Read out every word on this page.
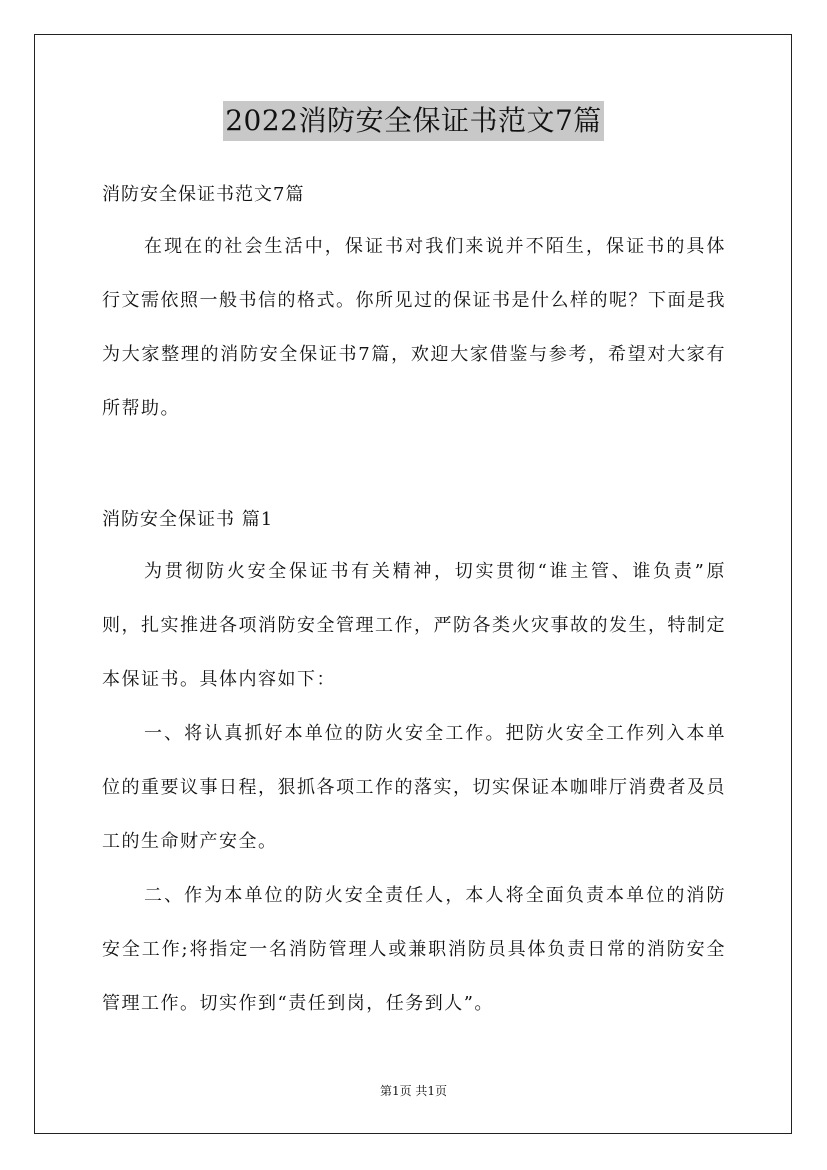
2022消防安全保证书范文7篇
消防安全保证书范文7篇

在现在的社会生活中，保证书对我们来说并不陌生，保证书的具体行文需依照一般书信的格式。你所见过的保证书是什么样的呢？下面是我为大家整理的消防安全保证书7篇，欢迎大家借鉴与参考，希望对大家有所帮助。

消防安全保证书 篇1

为贯彻防火安全保证书有关精神，切实贯彻“谁主管、谁负责”原则，扎实推进各项消防安全管理工作，严防各类火灾事故的发生，特制定本保证书。具体内容如下：

一、将认真抓好本单位的防火安全工作。把防火安全工作列入本单位的重要议事日程，狠抓各项工作的落实，切实保证本咖啡厅消费者及员工的生命财产安全。

二、作为本单位的防火安全责任人，本人将全面负责本单位的消防安全工作;将指定一名消防管理人或兼职消防员具体负责日常的消防安全管理工作。切实作到“责任到岗，任务到人”。

第1页 共1页
